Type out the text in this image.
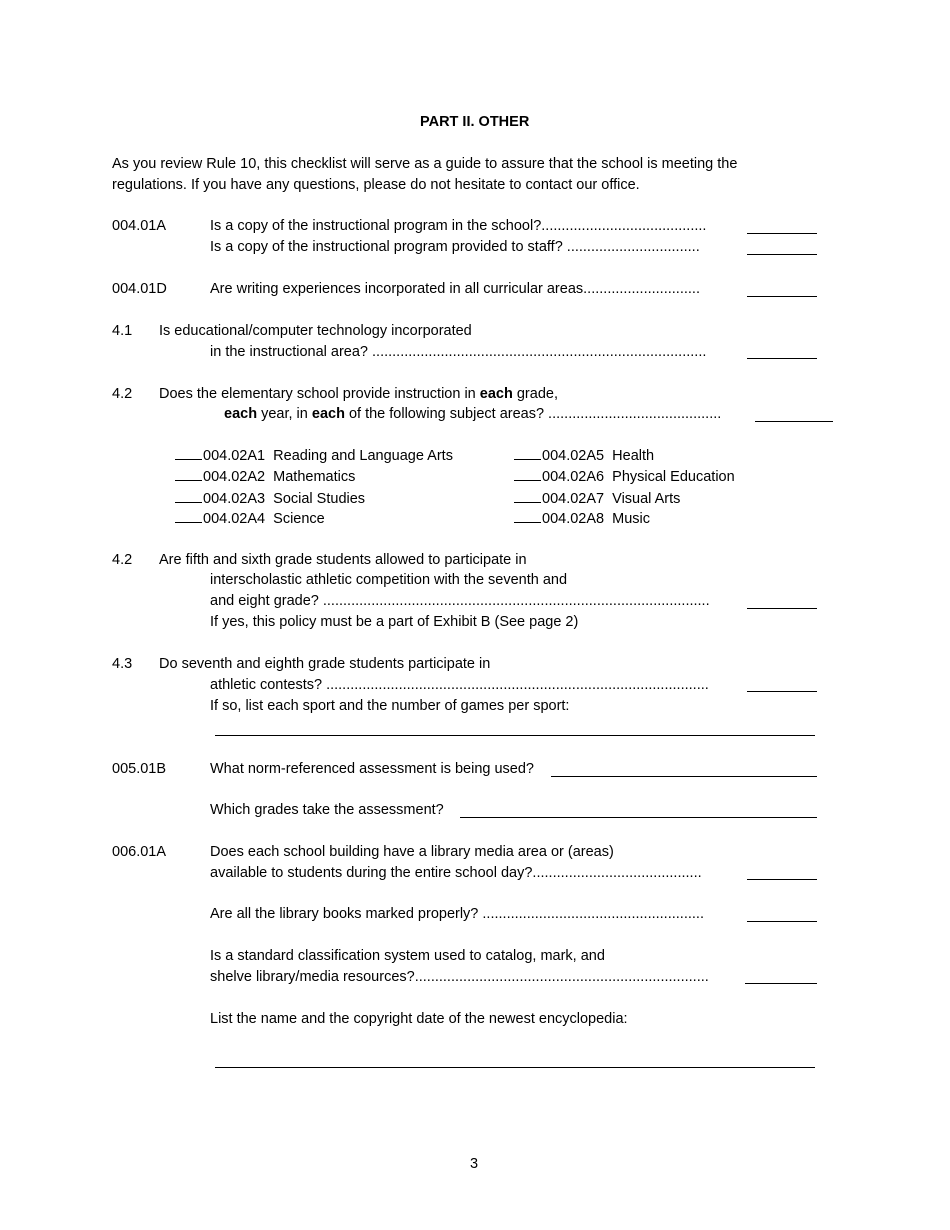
PART II. OTHER
As you review Rule 10, this checklist will serve as a guide to assure that the school is meeting the
regulations. If you have any questions, please do not hesitate to contact our office.
004.01A	Is a copy of the instructional program in the school?.........................................
Is a copy of the instructional program provided to staff? .................................
004.01D	Are writing experiences incorporated in all curricular areas.............................
4.1 Is educational/computer technology incorporated
in the instructional area? ...................................................................................
4.2 Does the elementary school provide instruction in each grade,
each year, in each of the following subject areas? ...........................................
004.02A1 Reading and Language Arts
004.02A2 Mathematics
004.02A3 Social Studies
004.02A4 Science
004.02A5 Health
004.02A6 Physical Education
004.02A7 Visual Arts
004.02A8 Music
4.2 Are fifth and sixth grade students allowed to participate in
interscholastic athletic competition with the seventh and
and eight grade? ................................................................................................
If yes, this policy must be a part of Exhibit B (See page 2)
4.3 Do seventh and eighth grade students participate in
athletic contests? ...............................................................................................
If so, list each sport and the number of games per sport:
005.01B	What norm-referenced assessment is being used?
Which grades take the assessment?
006.01A	Does each school building have a library media area or (areas)
available to students during the entire school day?..........................................
Are all the library books marked properly? .......................................................
Is a standard classification system used to catalog, mark, and
shelve library/media resources?.........................................................................
List the name and the copyright date of the newest encyclopedia:
3
